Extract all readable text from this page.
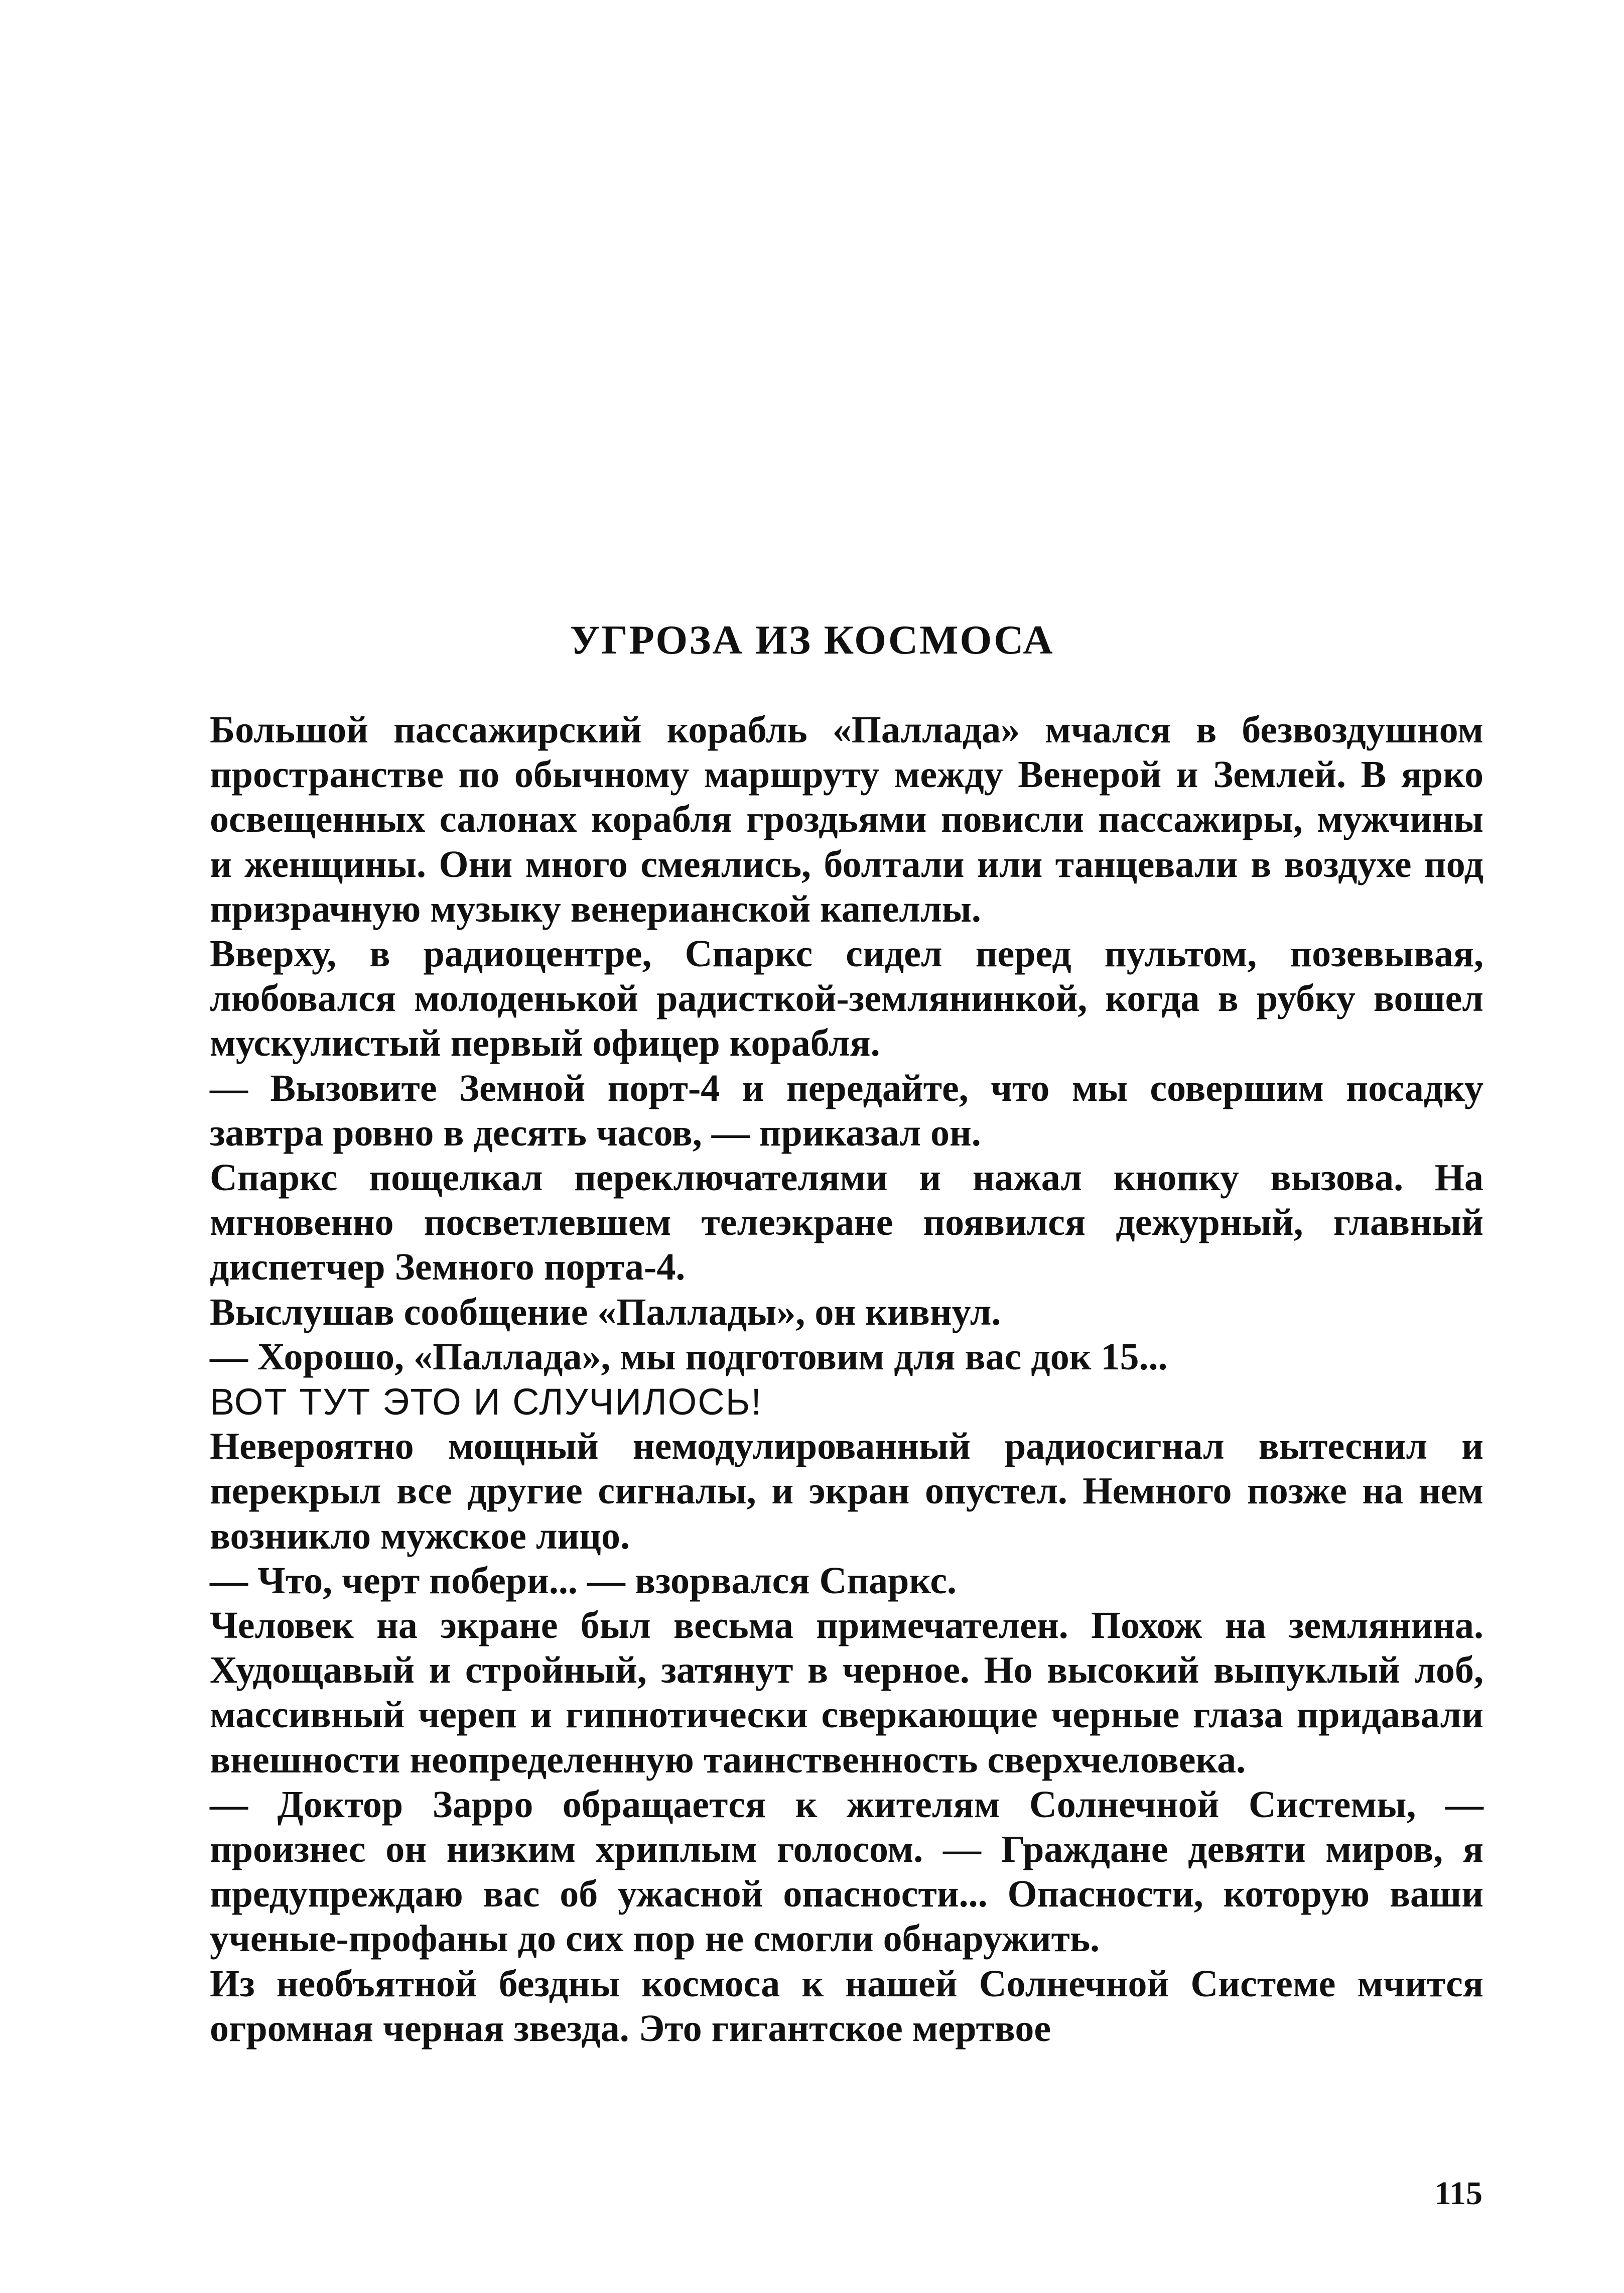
УГРОЗА ИЗ КОСМОСА

Большой пассажирский корабль «Паллада» мчался в безвоздушном пространстве по обычному маршруту между Венерой и Землей. В ярко освещенных салонах корабля гроздьями повисли пассажиры, мужчины и женщины. Они много смеялись, болтали или танцевали в воздухе под призрачную музыку венерианской капеллы.

Вверху, в радиоцентре, Спаркс сидел перед пультом, позевывая, любовался молоденькой радисткой-землянинкой, когда в рубку вошел мускулистый первый офицер корабля.

— Вызовите Земной порт-4 и передайте, что мы совершим посадку завтра ровно в десять часов, — приказал он.

Спаркс пощелкал переключателями и нажал кнопку вызова. На мгновенно посветлевшем телеэкране появился дежурный, главный диспетчер Земного порта-4.

Выслушав сообщение «Паллады», он кивнул.

— Хорошо, «Паллада», мы подготовим для вас док 15...

ВОТ ТУТ ЭТО И СЛУЧИЛОСЬ!

Невероятно мощный немодулированный радиосигнал вытеснил и перекрыл все другие сигналы, и экран опустел. Немного позже на нем возникло мужское лицо.

— Что, черт побери... — взорвался Спаркс.

Человек на экране был весьма примечателен. Похож на землянина. Худощавый и стройный, затянут в черное. Но высокий выпуклый лоб, массивный череп и гипнотически сверкающие черные глаза придавали внешности неопределенную таинственность сверхчеловека.

— Доктор Зарро обращается к жителям Солнечной Системы, — произнес он низким хриплым голосом. — Граждане девяти миров, я предупреждаю вас об ужасной опасности... Опасности, которую ваши ученые-профаны до сих пор не смогли обнаружить.

Из необъятной бездны космоса к нашей Солнечной Системе мчится огромная черная звезда. Это гигантское мертвое

115
